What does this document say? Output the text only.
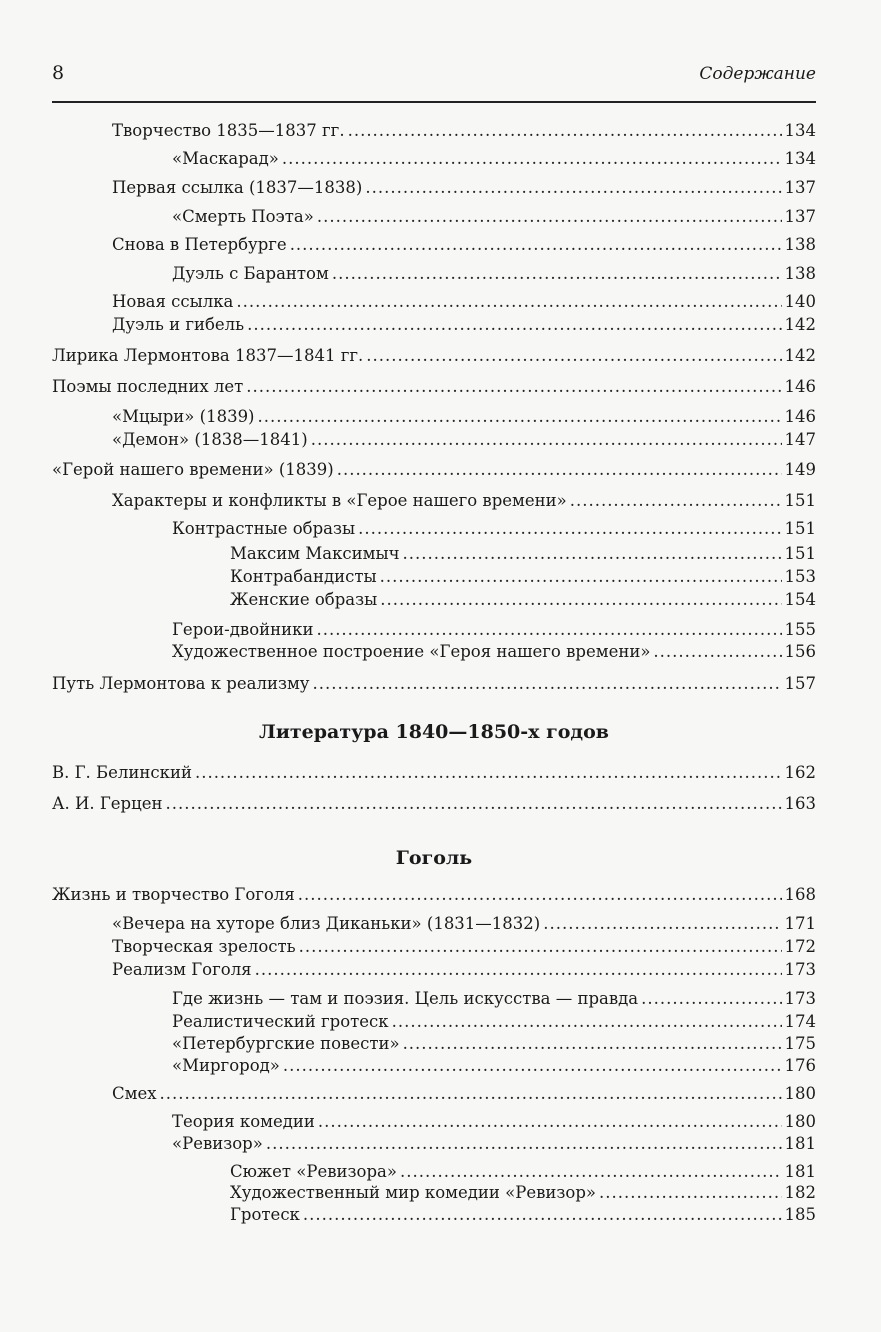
8	Содержание
Творчество 1835—1837 гг. .....	134
«Маскарад» .....	134
Первая ссылка (1837—1838) .....	137
«Смерть Поэта» .....	137
Снова в Петербурге .....	138
Дуэль с Барантом .....	138
Новая ссылка .....	140
Дуэль и гибель .....	142
Лирика Лермонтова 1837—1841 гг. .....	142
Поэмы последних лет .....	146
«Мцыри» (1839) .....	146
«Демон» (1838—1841) .....	147
«Герой нашего времени» (1839) .....	149
Характеры и конфликты в «Герое нашего времени» .....	151
Контрастные образы .....	151
Максим Максимыч .....	151
Контрабандисты .....	153
Женские образы .....	154
Герои-двойники .....	155
Художественное построение «Героя нашего времени» .....	156
Путь Лермонтова к реализму .....	157
Литература 1840—1850-х годов
В. Г. Белинский .....	162
А. И. Герцен .....	163
Гоголь
Жизнь и творчество Гоголя .....	168
«Вечера на хуторе близ Диканьки» (1831—1832) .....	171
Творческая зрелость .....	172
Реализм Гоголя .....	173
Где жизнь — там и поэзия. Цель искусства — правда .....	173
Реалистический гротеск .....	174
«Петербургские повести» .....	175
«Миргород» .....	176
Смех .....	180
Теория комедии .....	180
«Ревизор» .....	181
Сюжет «Ревизора» .....	181
Художественный мир комедии «Ревизор» .....	182
Гротеск .....	185
